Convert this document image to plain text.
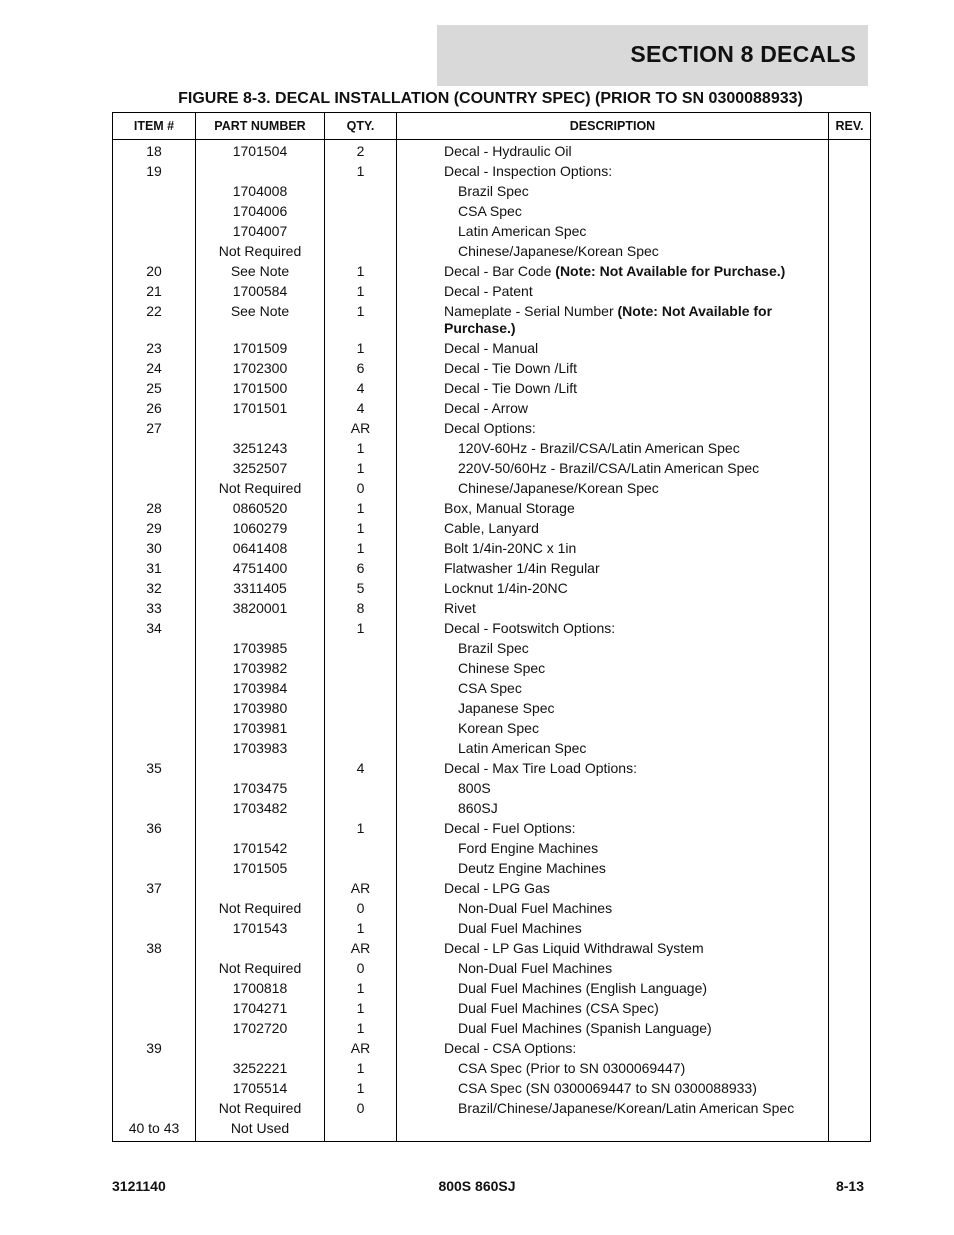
SECTION 8 DECALS
FIGURE 8-3. DECAL INSTALLATION (COUNTRY SPEC) (PRIOR TO SN 0300088933)
ITEM #	PART NUMBER	QTY.	DESCRIPTION	REV.
18	1701504	2	Decal - Hydraulic Oil	
19		1	Decal - Inspection Options:	
	1704008		Brazil Spec	
	1704006		CSA Spec	
	1704007		Latin American Spec	
	Not Required		Chinese/Japanese/Korean Spec	
20	See Note	1	Decal - Bar Code (Note: Not Available for Purchase.)	
21	1700584	1	Decal - Patent	
22	See Note	1	Nameplate - Serial Number (Note: Not Available for Purchase.)	
23	1701509	1	Decal - Manual	
24	1702300	6	Decal - Tie Down /Lift	
25	1701500	4	Decal - Tie Down /Lift	
26	1701501	4	Decal - Arrow	
27		AR	Decal Options:	
	3251243	1	120V-60Hz - Brazil/CSA/Latin American Spec	
	3252507	1	220V-50/60Hz - Brazil/CSA/Latin American Spec	
	Not Required	0	Chinese/Japanese/Korean Spec	
28	0860520	1	Box, Manual Storage	
29	1060279	1	Cable, Lanyard	
30	0641408	1	Bolt 1/4in-20NC x 1in	
31	4751400	6	Flatwasher 1/4in Regular	
32	3311405	5	Locknut 1/4in-20NC	
33	3820001	8	Rivet	
34		1	Decal - Footswitch Options:	
	1703985		Brazil Spec	
	1703982		Chinese Spec	
	1703984		CSA Spec	
	1703980		Japanese Spec	
	1703981		Korean Spec	
	1703983		Latin American Spec	
35		4	Decal - Max Tire Load Options:	
	1703475		800S	
	1703482		860SJ	
36		1	Decal - Fuel Options:	
	1701542		Ford Engine Machines	
	1701505		Deutz Engine Machines	
37		AR	Decal - LPG Gas	
	Not Required	0	Non-Dual Fuel Machines	
	1701543	1	Dual Fuel Machines	
38		AR	Decal - LP Gas Liquid Withdrawal System	
	Not Required	0	Non-Dual Fuel Machines	
	1700818	1	Dual Fuel Machines (English Language)	
	1704271	1	Dual Fuel Machines (CSA Spec)	
	1702720	1	Dual Fuel Machines (Spanish Language)	
39		AR	Decal - CSA Options:	
	3252221	1	CSA Spec (Prior to SN 0300069447)	
	1705514	1	CSA Spec (SN 0300069447 to SN 0300088933)	
	Not Required	0	Brazil/Chinese/Japanese/Korean/Latin American Spec	
40 to 43	Not Used			
3121140	800S 860SJ	8-13
